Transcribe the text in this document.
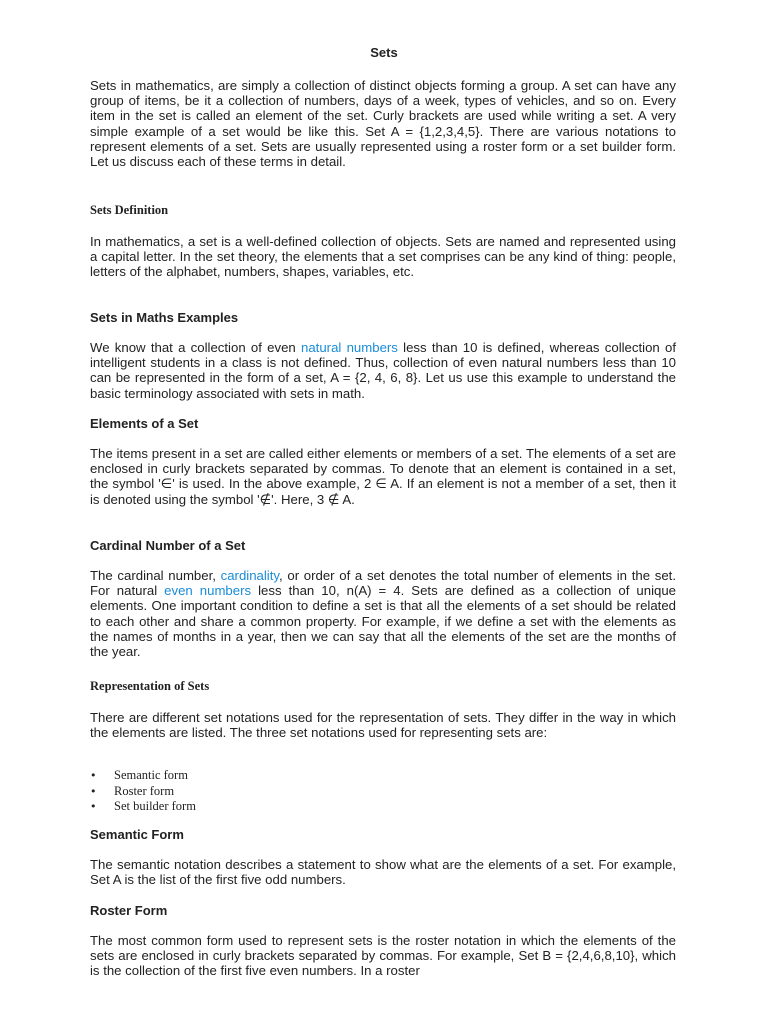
Sets

Sets in mathematics, are simply a collection of distinct objects forming a group. A set can have any group of items, be it a collection of numbers, days of a week, types of vehicles, and so on. Every item in the set is called an element of the set. Curly brackets are used while writing a set. A very simple example of a set would be like this. Set A = {1,2,3,4,5}. There are various notations to represent elements of a set. Sets are usually represented using a roster form or a set builder form. Let us discuss each of these terms in detail.

Sets Definition

In mathematics, a set is a well-defined collection of objects. Sets are named and represented using a capital letter. In the set theory, the elements that a set comprises can be any kind of thing: people, letters of the alphabet, numbers, shapes, variables, etc.

Sets in Maths Examples

We know that a collection of even natural numbers less than 10 is defined, whereas collection of intelligent students in a class is not defined. Thus, collection of even natural numbers less than 10 can be represented in the form of a set, A = {2, 4, 6, 8}. Let us use this example to understand the basic terminology associated with sets in math.

Elements of a Set

The items present in a set are called either elements or members of a set. The elements of a set are enclosed in curly brackets separated by commas. To denote that an element is contained in a set, the symbol '∈' is used. In the above example, 2 ∈ A. If an element is not a member of a set, then it is denoted using the symbol '∉'. Here, 3 ∉ A.

Cardinal Number of a Set

The cardinal number, cardinality, or order of a set denotes the total number of elements in the set. For natural even numbers less than 10, n(A) = 4. Sets are defined as a collection of unique elements. One important condition to define a set is that all the elements of a set should be related to each other and share a common property. For example, if we define a set with the elements as the names of months in a year, then we can say that all the elements of the set are the months of the year.

Representation of Sets

There are different set notations used for the representation of sets. They differ in the way in which the elements are listed. The three set notations used for representing sets are:

• Semantic form
• Roster form
• Set builder form
Semantic Form

The semantic notation describes a statement to show what are the elements of a set. For example, Set A is the list of the first five odd numbers.

Roster Form

The most common form used to represent sets is the roster notation in which the elements of the sets are enclosed in curly brackets separated by commas. For example, Set B = {2,4,6,8,10}, which is the collection of the first five even numbers. In a roster
